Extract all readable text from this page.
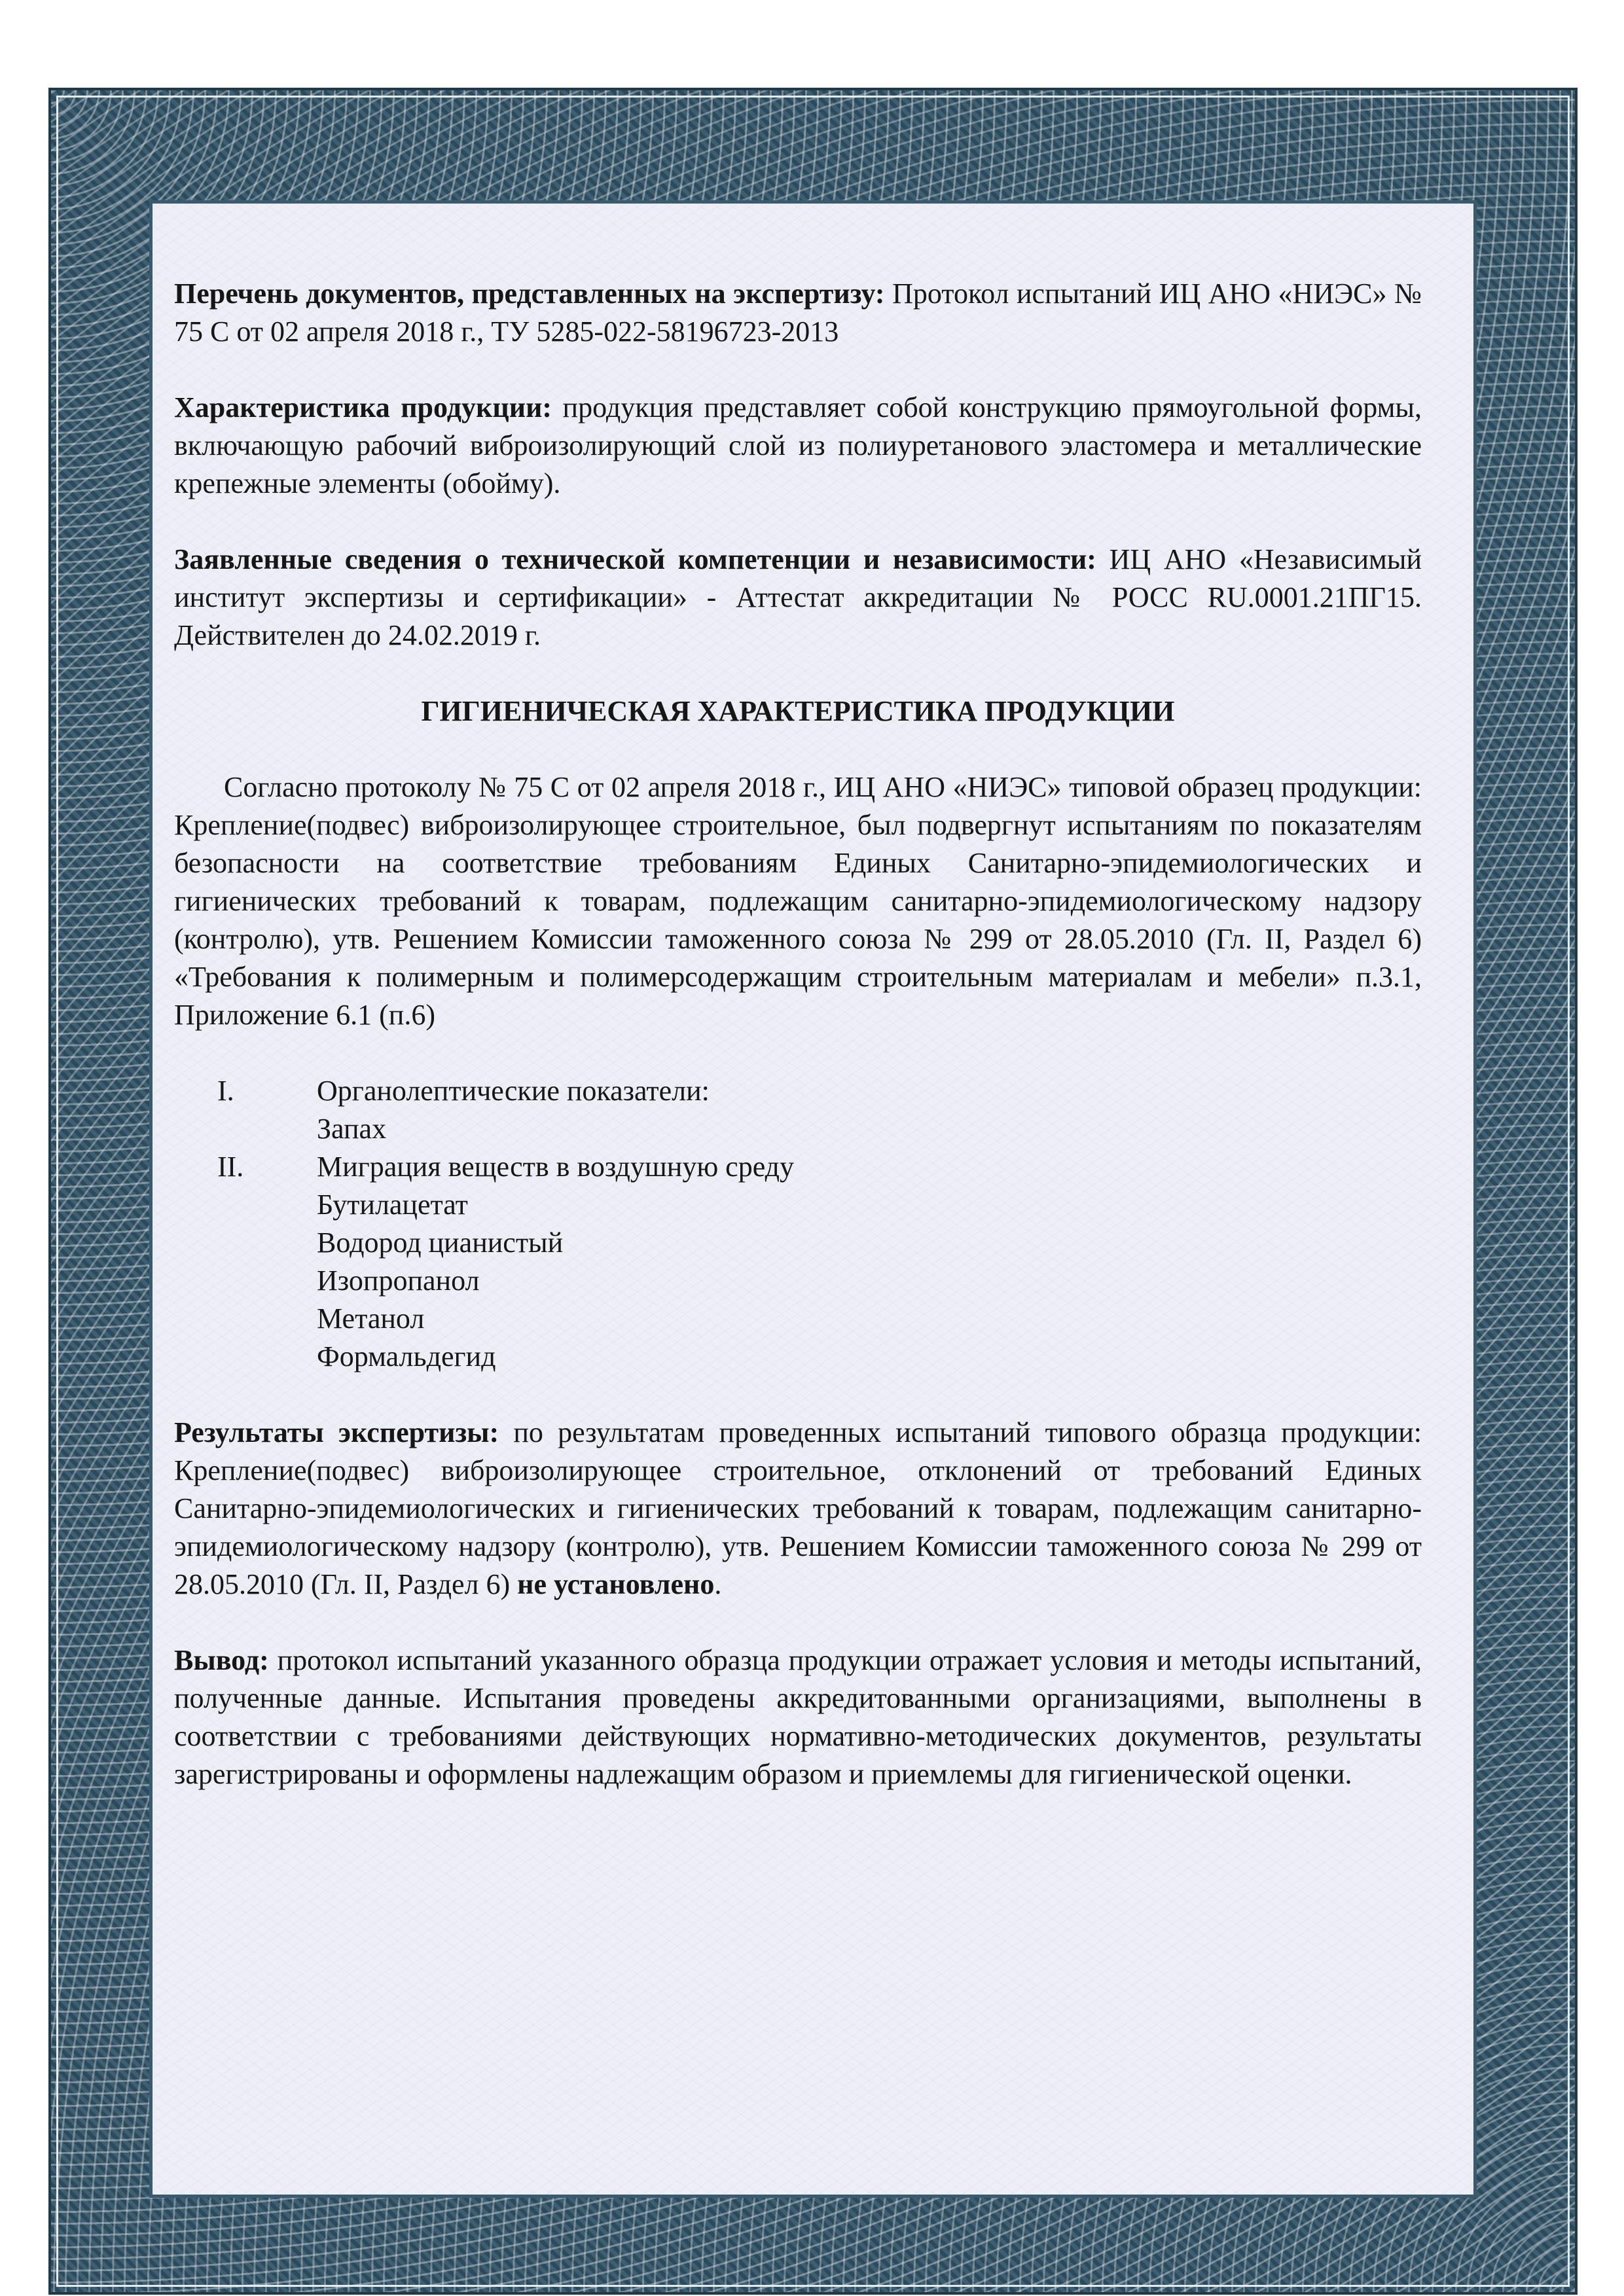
Перечень документов, представленных на экспертизу: Протокол испытаний ИЦ АНО «НИЭС» № 75 С от 02 апреля 2018 г., ТУ 5285-022-58196723-2013

Характеристика продукции: продукция представляет собой конструкцию прямоугольной формы, включающую рабочий виброизолирующий слой из полиуретанового эластомера и металлические крепежные элементы (обойму).

Заявленные сведения о технической компетенции и независимости: ИЦ АНО «Независимый институт экспертизы и сертификации» - Аттестат аккредитации № РОСС RU.0001.21ПГ15. Действителен до 24.02.2019 г.

ГИГИЕНИЧЕСКАЯ ХАРАКТЕРИСТИКА ПРОДУКЦИИ

Согласно протоколу № 75 С от 02 апреля 2018 г., ИЦ АНО «НИЭС» типовой образец продукции: Крепление(подвес) виброизолирующее строительное, был подвергнут испытаниям по показателям безопасности на соответствие требованиям Единых Санитарно-эпидемиологических и гигиенических требований к товарам, подлежащим санитарно-эпидемиологическому надзору (контролю), утв. Решением Комиссии таможенного союза № 299 от 28.05.2010 (Гл. II, Раздел 6) «Требования к полимерным и полимерсодержащим строительным материалам и мебели» п.3.1, Приложение 6.1 (п.6)

I.	Органолептические показатели:
Запах
II.	Миграция веществ в воздушную среду
Бутилацетат
Водород цианистый
Изопропанол
Метанол
Формальдегид

Результаты экспертизы: по результатам проведенных испытаний типового образца продукции: Крепление(подвес) виброизолирующее строительное, отклонений от требований Единых Санитарно-эпидемиологических и гигиенических требований к товарам, подлежащим санитарно-эпидемиологическому надзору (контролю), утв. Решением Комиссии таможенного союза № 299 от 28.05.2010 (Гл. II, Раздел 6) не установлено.

Вывод: протокол испытаний указанного образца продукции отражает условия и методы испытаний, полученные данные. Испытания проведены аккредитованными организациями, выполнены в соответствии с требованиями действующих нормативно-методических документов, результаты зарегистрированы и оформлены надлежащим образом и приемлемы для гигиенической оценки.
